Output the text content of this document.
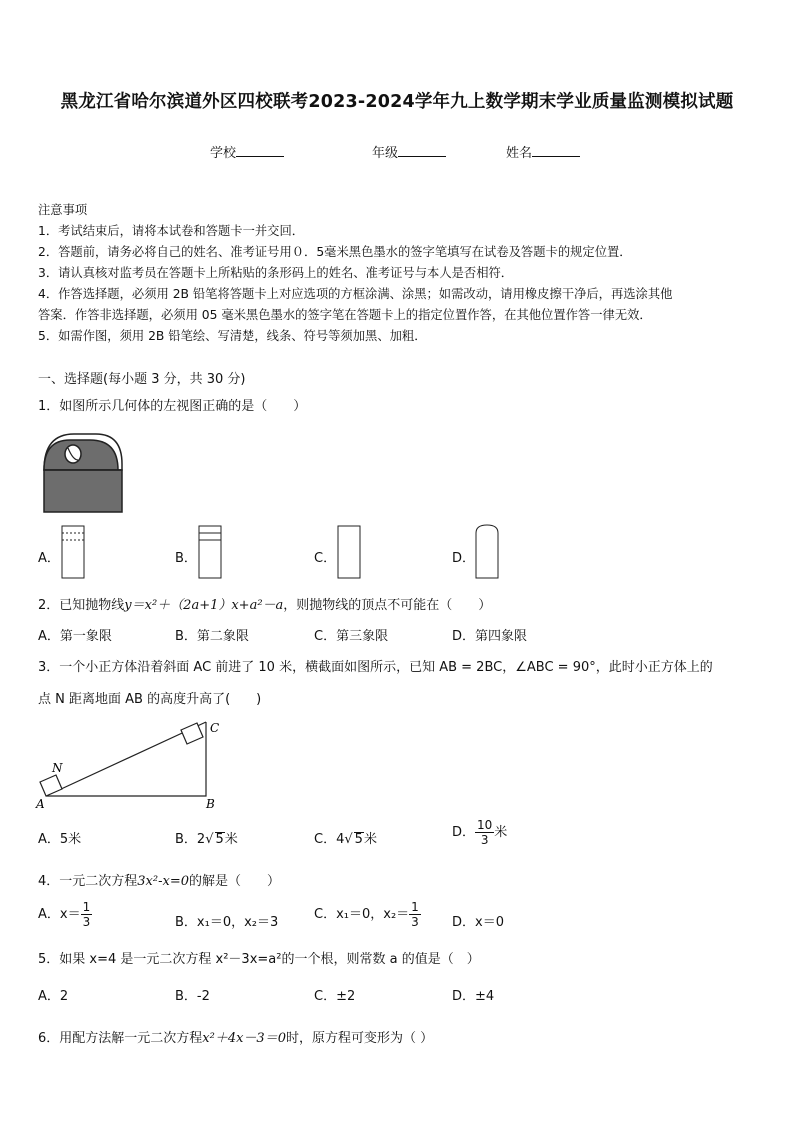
黑龙江省哈尔滨道外区四校联考2023-2024学年九上数学期末学业质量监测模拟试题
学校	年级	姓名
注意事项
1．考试结束后，请将本试卷和答题卡一并交回．
2．答题前，请务必将自己的姓名、准考证号用０．5毫米黑色墨水的签字笔填写在试卷及答题卡的规定位置．
3．请认真核对监考员在答题卡上所粘贴的条形码上的姓名、准考证号与本人是否相符．
4．作答选择题，必须用 2B 铅笔将答题卡上对应选项的方框涂满、涂黑；如需改动，请用橡皮擦干净后，再选涂其他
答案．作答非选择题，必须用 05 毫米黑色墨水的签字笔在答题卡上的指定位置作答，在其他位置作答一律无效．
5．如需作图，须用 2B 铅笔绘、写清楚，线条、符号等须加黑、加粗．
一、选择题(每小题 3 分，共 30 分)
1．如图所示几何体的左视图正确的是（　　）
A．	B．	C．	D．
2．已知抛物线y＝x²＋（2a+1）x+a²－a，则抛物线的顶点不可能在（　　）
A．第一象限	B．第二象限	C．第三象限	D．第四象限
3．一个小正方体沿着斜面 AC 前进了 10 米，横截面如图所示，已知 AB = 2BC，∠ABC = 90°，此时小正方体上的
点 N 距离地面 AB 的高度升高了(　　)
N
A	B
C
A．5米	B．2√ 5米	C．4√ 5米	D． $\frac{10}{3}$ 米
4．一元二次方程3x²-x=0的解是（　　）
A．$x= \frac{1}{3}$	B．x₁＝0，x₂＝3
C．x₁＝0，$x_2= \frac{1}{3}$ D．x＝0
5．如果 x=4 是一元二次方程 x²－3x=a²的一个根，则常数 a 的值是（　）
A．2	B．-2	C．±2	D．±4
6．用配方法解一元二次方程x²＋4x－3＝0时，原方程可变形为（ ）
